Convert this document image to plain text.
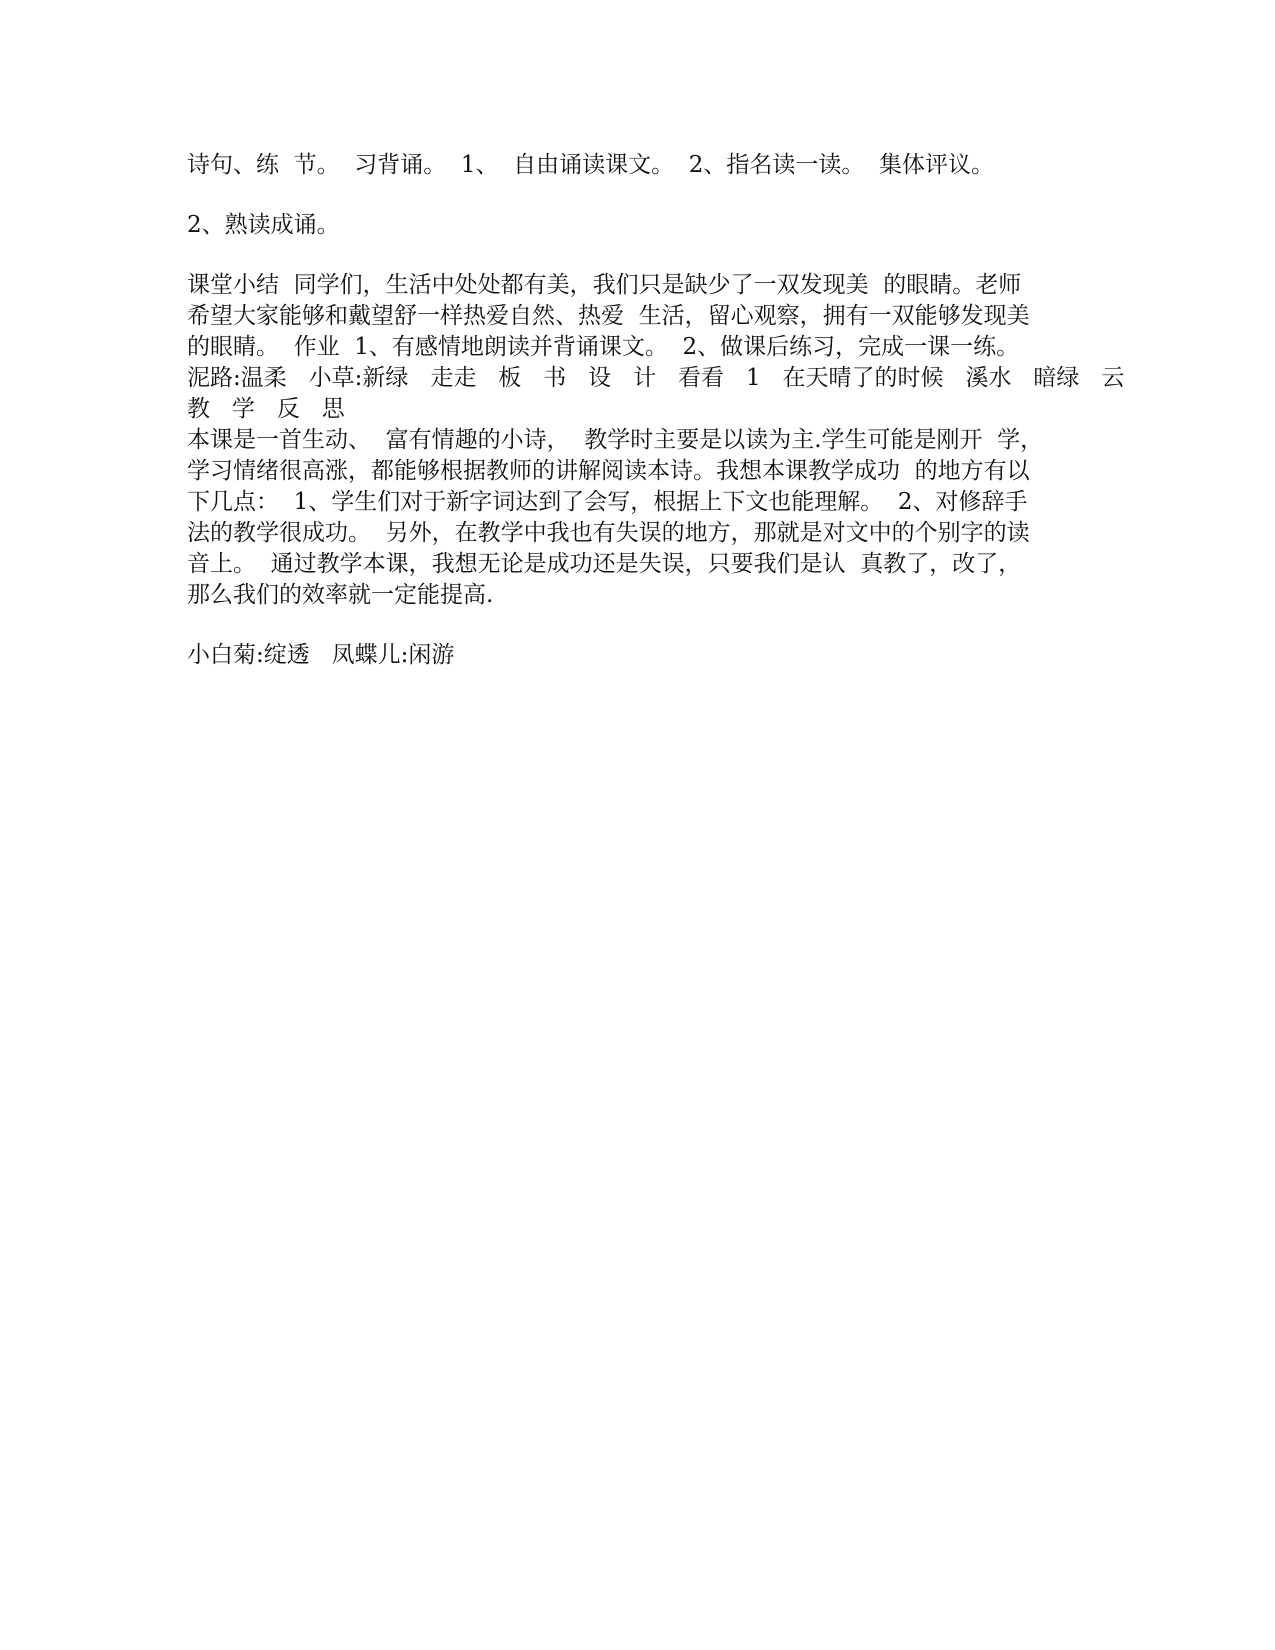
诗句、练  节。  习背诵。  1、  自由诵读课文。  2、指名读一读。  集体评议。
2、熟读成诵。
课堂小结  同学们，生活中处处都有美，我们只是缺少了一双发现美  的眼睛。老师
希望大家能够和戴望舒一样热爱自然、热爱  生活，留心观察，拥有一双能够发现美
的眼睛。  作业  1、有感情地朗读并背诵课文。  2、做课后练习，完成一课一练。
泥路:温柔   小草:新绿   走走   板   书   设   计   看看   1   在天晴了的时候   溪水   暗绿   云
教   学   反   思
本课是一首生动、  富有情趣的小诗，  教学时主要是以读为主.学生可能是刚开  学，
学习情绪很高涨，都能够根据教师的讲解阅读本诗。我想本课教学成功  的地方有以
下几点：  1、学生们对于新字词达到了会写，根据上下文也能理解。  2、对修辞手
法的教学很成功。  另外，在教学中我也有失误的地方，那就是对文中的个别字的读
音上。  通过教学本课，我想无论是成功还是失误，只要我们是认  真教了，改了，
那么我们的效率就一定能提高.
小白菊:绽透   凤蝶儿:闲游
